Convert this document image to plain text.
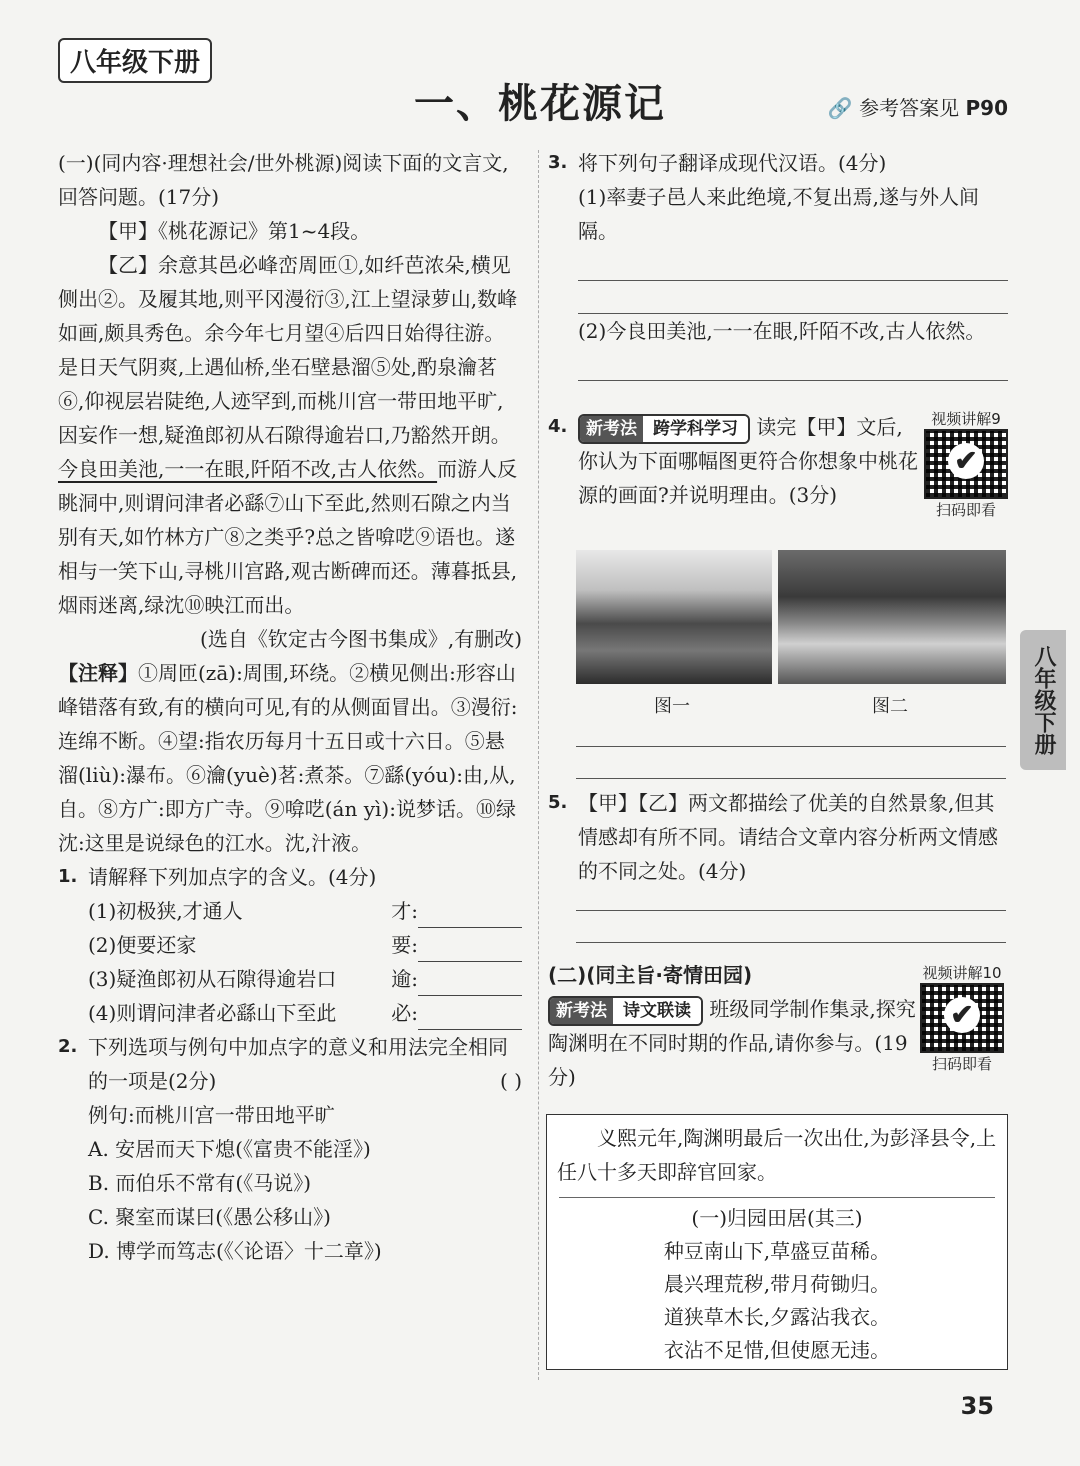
八年级下册
一、桃花源记	🔗 参考答案见 P90

(一)(同内容·理想社会/世外桃源)阅读下面的文言文,回答问题。(17分)

【甲】《桃花源记》第1~4段。

【乙】余意其邑必峰峦周匝①,如纤芭浓朵,横见侧出②。及履其地,则平冈漫衍③,江上望渌萝山,数峰如画,颇具秀色。余今年七月望④后四日始得往游。是日天气阴爽,上遇仙桥,坐石壁悬溜⑤处,酌泉瀹茗⑥,仰视层岩陡绝,人迹罕到,而桃川宫一带田地平旷,因妄作一想,疑渔郎初从石隙得逾岩口,乃豁然开朗。今良田美池,一一在眼,阡陌不改,古人依然。而游人反眺洞中,则谓问津者必繇⑦山下至此,然则石隙之内当别有天,如竹林方广⑧之类乎?总之皆啽呓⑨语也。遂相与一笑下山,寻桃川宫路,观古断碑而还。薄暮抵县,烟雨迷离,绿沈⑩映江而出。

(选自《钦定古今图书集成》,有删改)

【注释】①周匝(zā):周围,环绕。②横见侧出:形容山峰错落有致,有的横向可见,有的从侧面冒出。③漫衍:连绵不断。④望:指农历每月十五日或十六日。⑤悬溜(liù):瀑布。⑥瀹(yuè)茗:煮茶。⑦繇(yóu):由,从,自。⑧方广:即方广寺。⑨啽呓(án yì):说梦话。⑩绿沈:这里是说绿色的江水。沈,汁液。

1. 请解释下列加点字的含义。(4分)

(1)初极狭,才通人	才:
(2)便要还家	要:
(3)疑渔郎初从石隙得逾岩口	逾:
(4)则谓问津者必繇山下至此	必:
2. 下列选项与例句中加点字的意义和用法完全相同的一项是(2分)	( )

例句:而桃川宫一带田地平旷

A. 安居而天下熄(《富贵不能淫》)

B. 而伯乐不常有(《马说》)

C. 聚室而谋曰(《愚公移山》)

D. 博学而笃志(《〈论语〉十二章》)

3. 将下列句子翻译成现代汉语。(4分)

(1)率妻子邑人来此绝境,不复出焉,遂与外人间隔。

(2)今良田美池,一一在眼,阡陌不改,古人依然。

4.	新考法 跨学科学习 读完【甲】文后,你认为下面哪幅图更符合你想象中桃花源的画面?并说明理由。(3分)

视频讲解9
✔
扫码即看
图一	图二
5. 【甲】【乙】两文都描绘了优美的自然景象,但其情感却有所不同。请结合文章内容分析两文情感的不同之处。(4分)

(二)(同主旨·寄情田园)

新考法 诗文联读 班级同学制作集录,探究陶渊明在不同时期的作品,请你参与。(19分)

视频讲解10
✔
扫码即看

义熙元年,陶渊明最后一次出仕,为彭泽县令,上任八十多天即辞官回家。

(一)归园田居(其三)

种豆南山下,草盛豆苗稀。

晨兴理荒秽,带月荷锄归。

道狭草木长,夕露沾我衣。

衣沾不足惜,但使愿无违。

八年级下册
35
